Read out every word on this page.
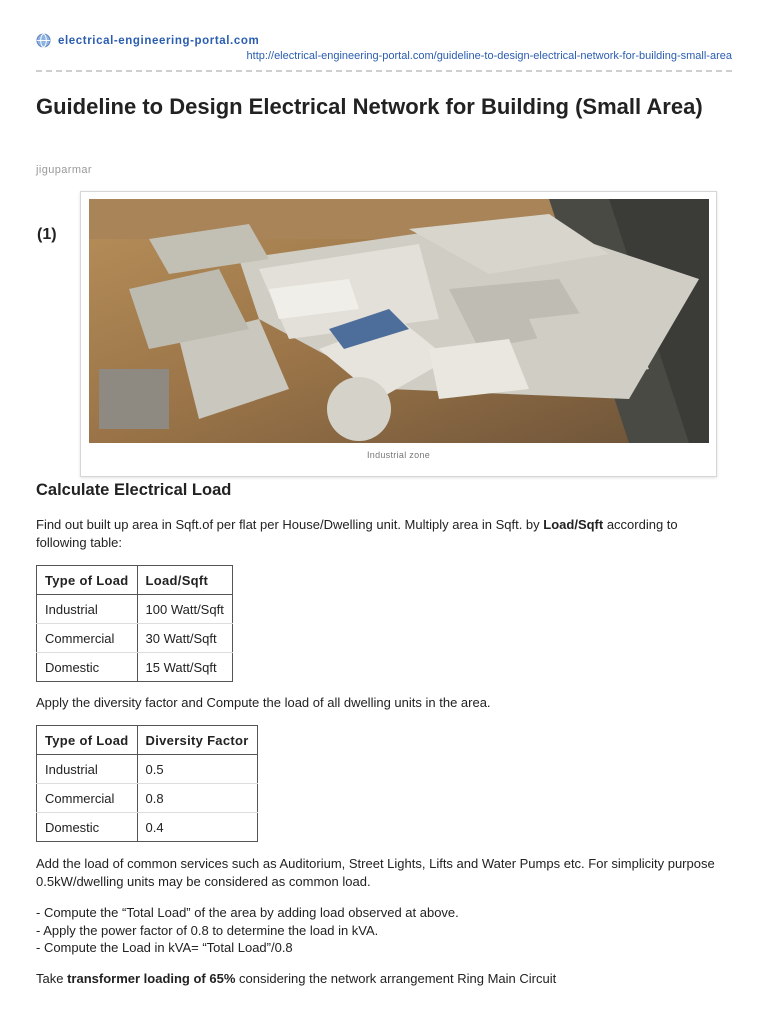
electrical-engineering-portal.com
http://electrical-engineering-portal.com/guideline-to-design-electrical-network-for-building-small-area
Guideline to Design Electrical Network for Building (Small Area)
jiguparmar
(1)
Industrial zone
Calculate Electrical Load

Find out built up area in Sqft.of per flat per House/Dwelling unit. Multiply area in Sqft. by Load/Sqft according to following table:

Type of Load	Load/Sqft
Industrial	100 Watt/Sqft
Commercial	30 Watt/Sqft
Domestic	15 Watt/Sqft

Apply the diversity factor and Compute the load of all dwelling units in the area.

Type of Load	Diversity Factor
Industrial	0.5
Commercial	0.8
Domestic	0.4

Add the load of common services such as Auditorium, Street Lights, Lifts and Water Pumps etc. For simplicity purpose 0.5kW/dwelling units may be considered as common load.

- Compute the “Total Load” of the area by adding load observed at above.
- Apply the power factor of 0.8 to determine the load in kVA.
- Compute the Load in kVA= “Total Load”/0.8

Take transformer loading of 65% considering the network arrangement Ring Main Circuit
